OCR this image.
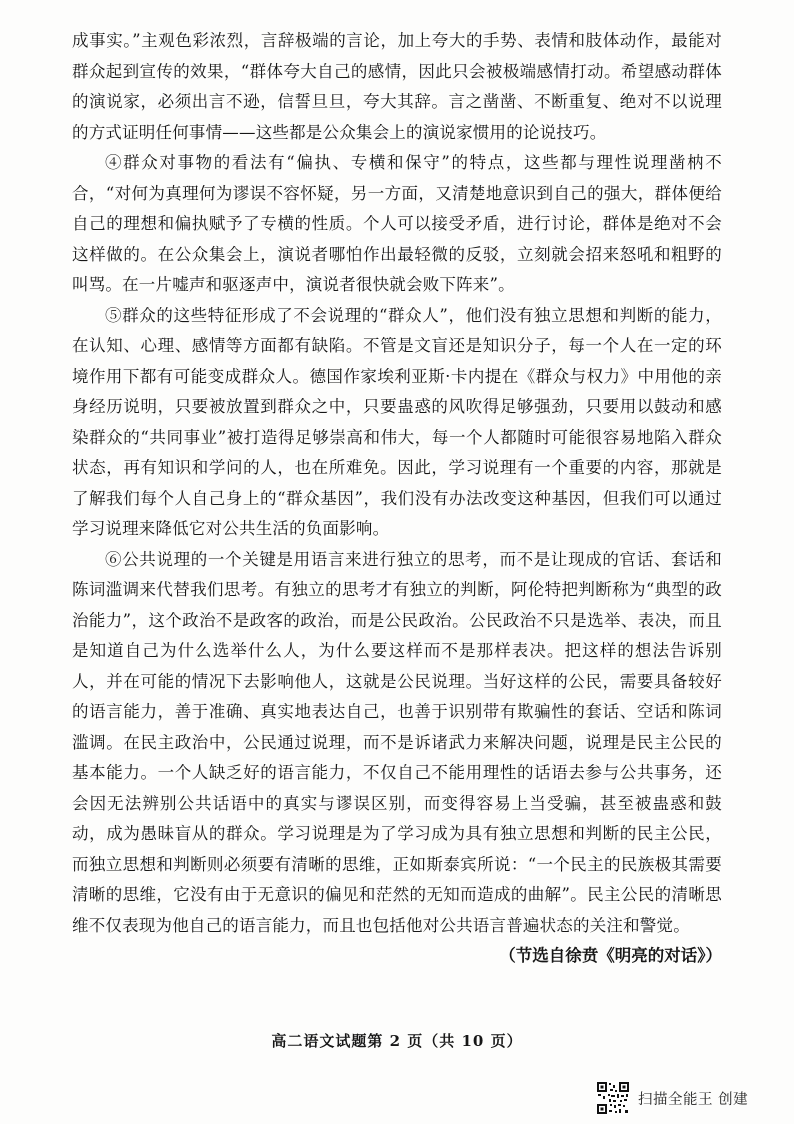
成事实。”主观色彩浓烈，言辞极端的言论，加上夸大的手势、表情和肢体动作，最能对群众起到宣传的效果，“群体夸大自己的感情，因此只会被极端感情打动。希望感动群体的演说家，必须出言不逊，信誓旦旦，夸大其辞。言之凿凿、不断重复、绝对不以说理的方式证明任何事情——这些都是公众集会上的演说家惯用的论说技巧。

④群众对事物的看法有“偏执、专横和保守”的特点，这些都与理性说理凿枘不合，“对何为真理何为谬误不容怀疑，另一方面，又清楚地意识到自己的强大，群体便给自己的理想和偏执赋予了专横的性质。个人可以接受矛盾，进行讨论，群体是绝对不会这样做的。在公众集会上，演说者哪怕作出最轻微的反驳，立刻就会招来怒吼和粗野的叫骂。在一片嘘声和驱逐声中，演说者很快就会败下阵来”。

⑤群众的这些特征形成了不会说理的“群众人”，他们没有独立思想和判断的能力，在认知、心理、感情等方面都有缺陷。不管是文盲还是知识分子，每一个人在一定的环境作用下都有可能变成群众人。德国作家埃利亚斯·卡内提在《群众与权力》中用他的亲身经历说明，只要被放置到群众之中，只要蛊惑的风吹得足够强劲，只要用以鼓动和感染群众的“共同事业”被打造得足够崇高和伟大，每一个人都随时可能很容易地陷入群众状态，再有知识和学问的人，也在所难免。因此，学习说理有一个重要的内容，那就是了解我们每个人自己身上的“群众基因”，我们没有办法改变这种基因，但我们可以通过学习说理来降低它对公共生活的负面影响。

⑥公共说理的一个关键是用语言来进行独立的思考，而不是让现成的官话、套话和陈词滥调来代替我们思考。有独立的思考才有独立的判断，阿伦特把判断称为“典型的政治能力”，这个政治不是政客的政治，而是公民政治。公民政治不只是选举、表决，而且是知道自己为什么选举什么人，为什么要这样而不是那样表决。把这样的想法告诉别人，并在可能的情况下去影响他人，这就是公民说理。当好这样的公民，需要具备较好的语言能力，善于准确、真实地表达自己，也善于识别带有欺骗性的套话、空话和陈词滥调。在民主政治中，公民通过说理，而不是诉诸武力来解决问题，说理是民主公民的基本能力。一个人缺乏好的语言能力，不仅自己不能用理性的话语去参与公共事务，还会因无法辨别公共话语中的真实与谬误区别，而变得容易上当受骗，甚至被蛊惑和鼓动，成为愚昧盲从的群众。学习说理是为了学习成为具有独立思想和判断的民主公民，而独立思想和判断则必须要有清晰的思维，正如斯泰宾所说：“一个民主的民族极其需要清晰的思维，它没有由于无意识的偏见和茫然的无知而造成的曲解”。民主公民的清晰思维不仅表现为他自己的语言能力，而且也包括他对公共语言普遍状态的关注和警觉。

（节选自徐贲《明亮的对话》）

高二语文试题第 2 页（共 10 页）
扫描全能王 创建
